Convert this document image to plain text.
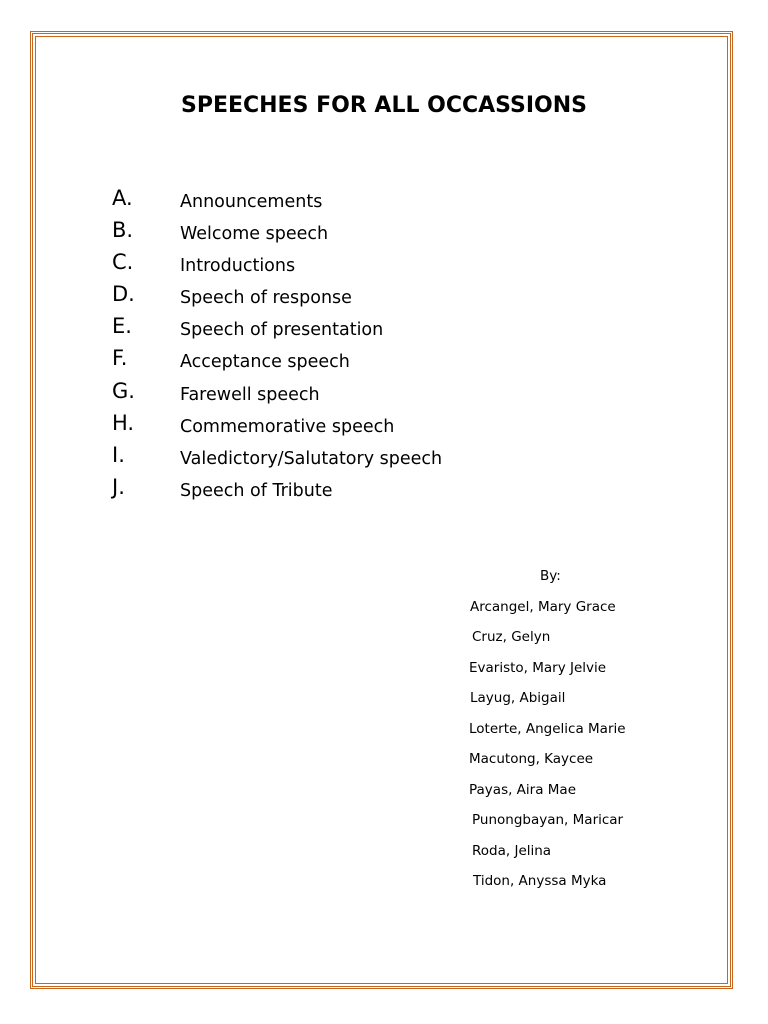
SPEECHES FOR ALL OCCASSIONS
A.	Announcements
B.	Welcome speech
C.	Introductions
D.	Speech of response
E.	Speech of presentation
F.	Acceptance speech
G.	Farewell speech
H.	Commemorative speech
I.	Valedictory/Salutatory speech
J.	Speech of Tribute
By:
Arcangel, Mary Grace
Cruz, Gelyn
Evaristo, Mary Jelvie
Layug, Abigail
Loterte, Angelica Marie
Macutong, Kaycee
Payas, Aira Mae
Punongbayan, Maricar
Roda, Jelina
Tidon, Anyssa Myka
